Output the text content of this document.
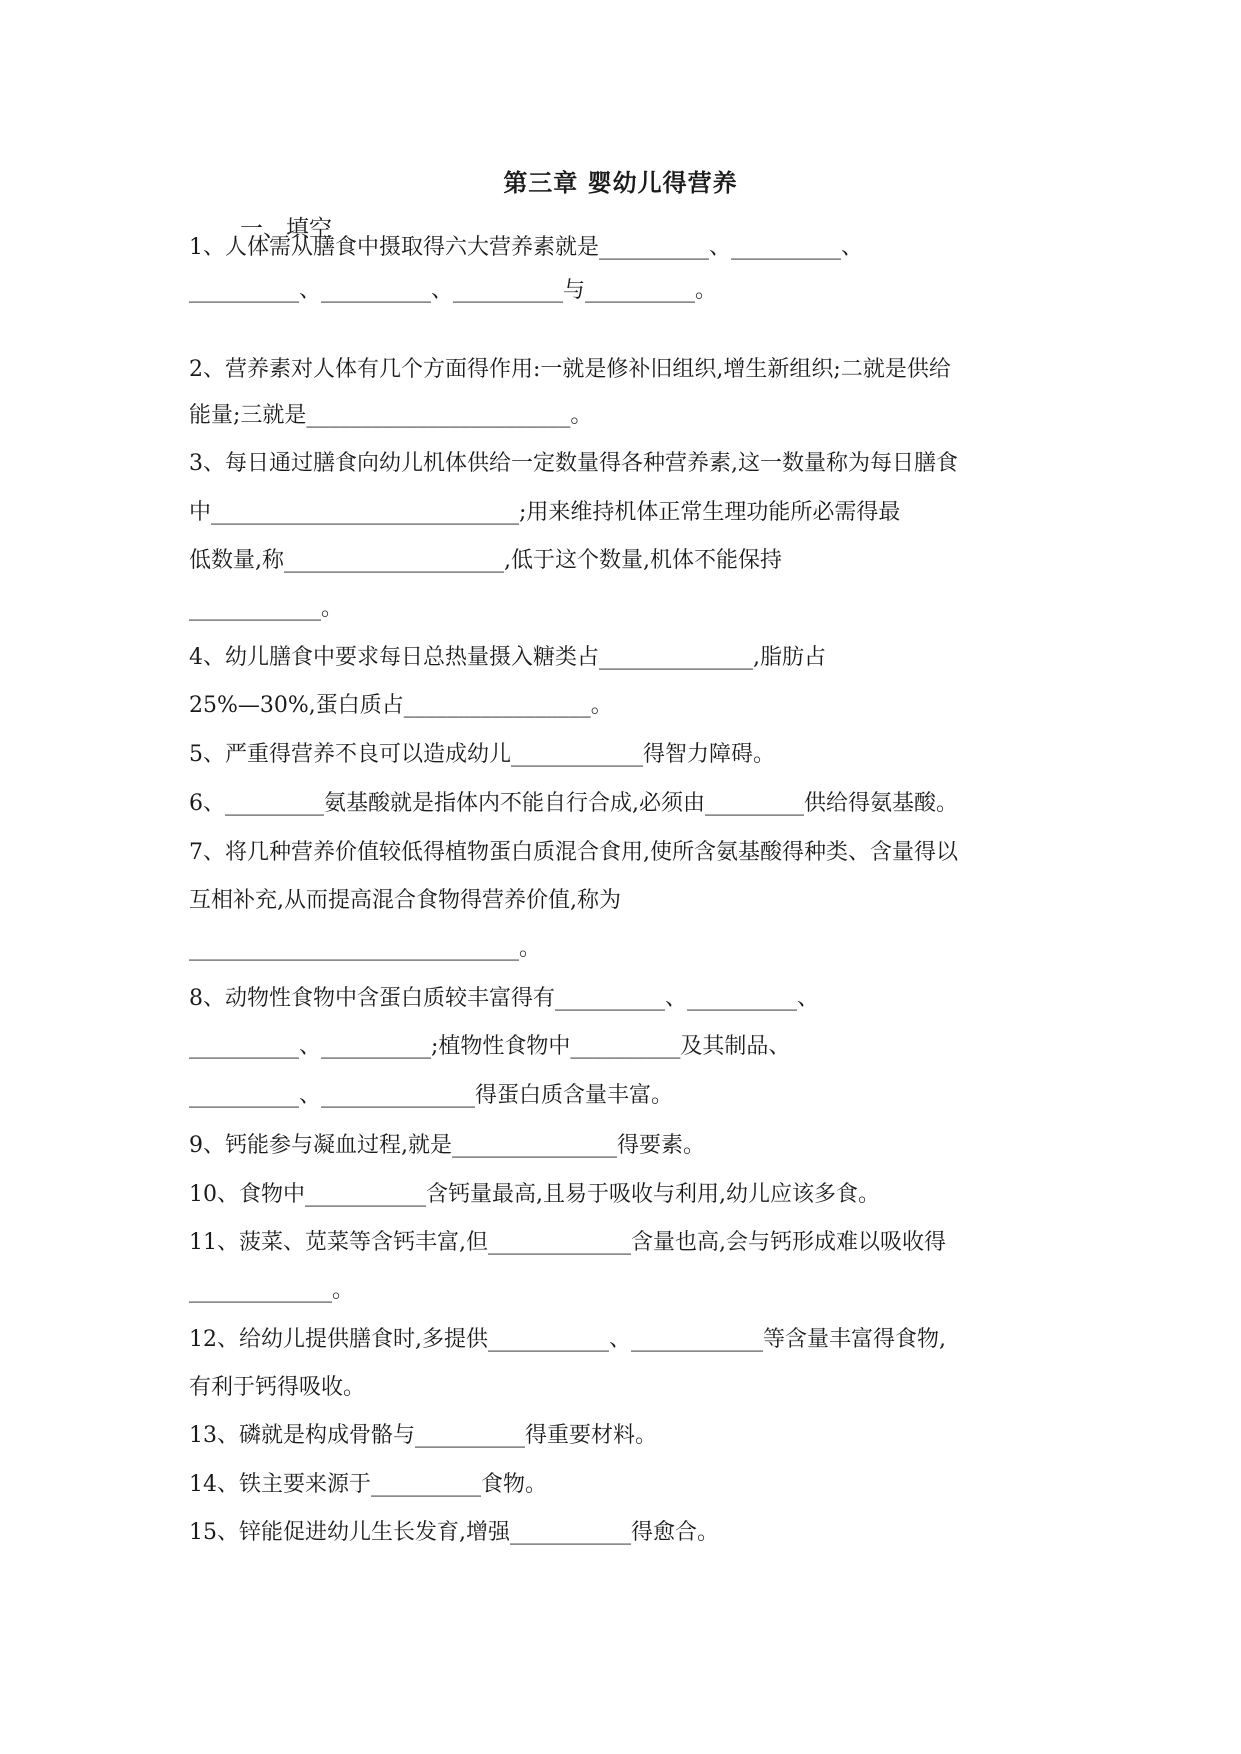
第三章 婴幼儿得营养
一、填空
1、人体需从膳食中摄取得六大营养素就是__________、__________、
__________、__________、__________与__________。
2、营养素对人体有几个方面得作用:一就是修补旧组织,增生新组织;二就是供给
能量;三就是________________________。
3、每日通过膳食向幼儿机体供给一定数量得各种营养素,这一数量称为每日膳食
中____________________________;用来维持机体正常生理功能所必需得最
低数量,称____________________,低于这个数量,机体不能保持
____________。
4、幼儿膳食中要求每日总热量摄入糖类占______________,脂肪占
25%—30%,蛋白质占_________________。
5、严重得营养不良可以造成幼儿____________得智力障碍。
6、_________氨基酸就是指体内不能自行合成,必须由_________供给得氨基酸。
7、将几种营养价值较低得植物蛋白质混合食用,使所含氨基酸得种类、含量得以
互相补充,从而提高混合食物得营养价值,称为
______________________________。
8、动物性食物中含蛋白质较丰富得有__________、__________、
__________、__________;植物性食物中__________及其制品、
__________、______________得蛋白质含量丰富。
9、钙能参与凝血过程,就是_______________得要素。
10、食物中___________含钙量最高,且易于吸收与利用,幼儿应该多食。
11、菠菜、苋菜等含钙丰富,但_____________含量也高,会与钙形成难以吸收得
_____________。
12、给幼儿提供膳食时,多提供___________、____________等含量丰富得食物,
有利于钙得吸收。
13、磷就是构成骨骼与__________得重要材料。
14、铁主要来源于__________食物。
15、锌能促进幼儿生长发育,增强___________得愈合。
